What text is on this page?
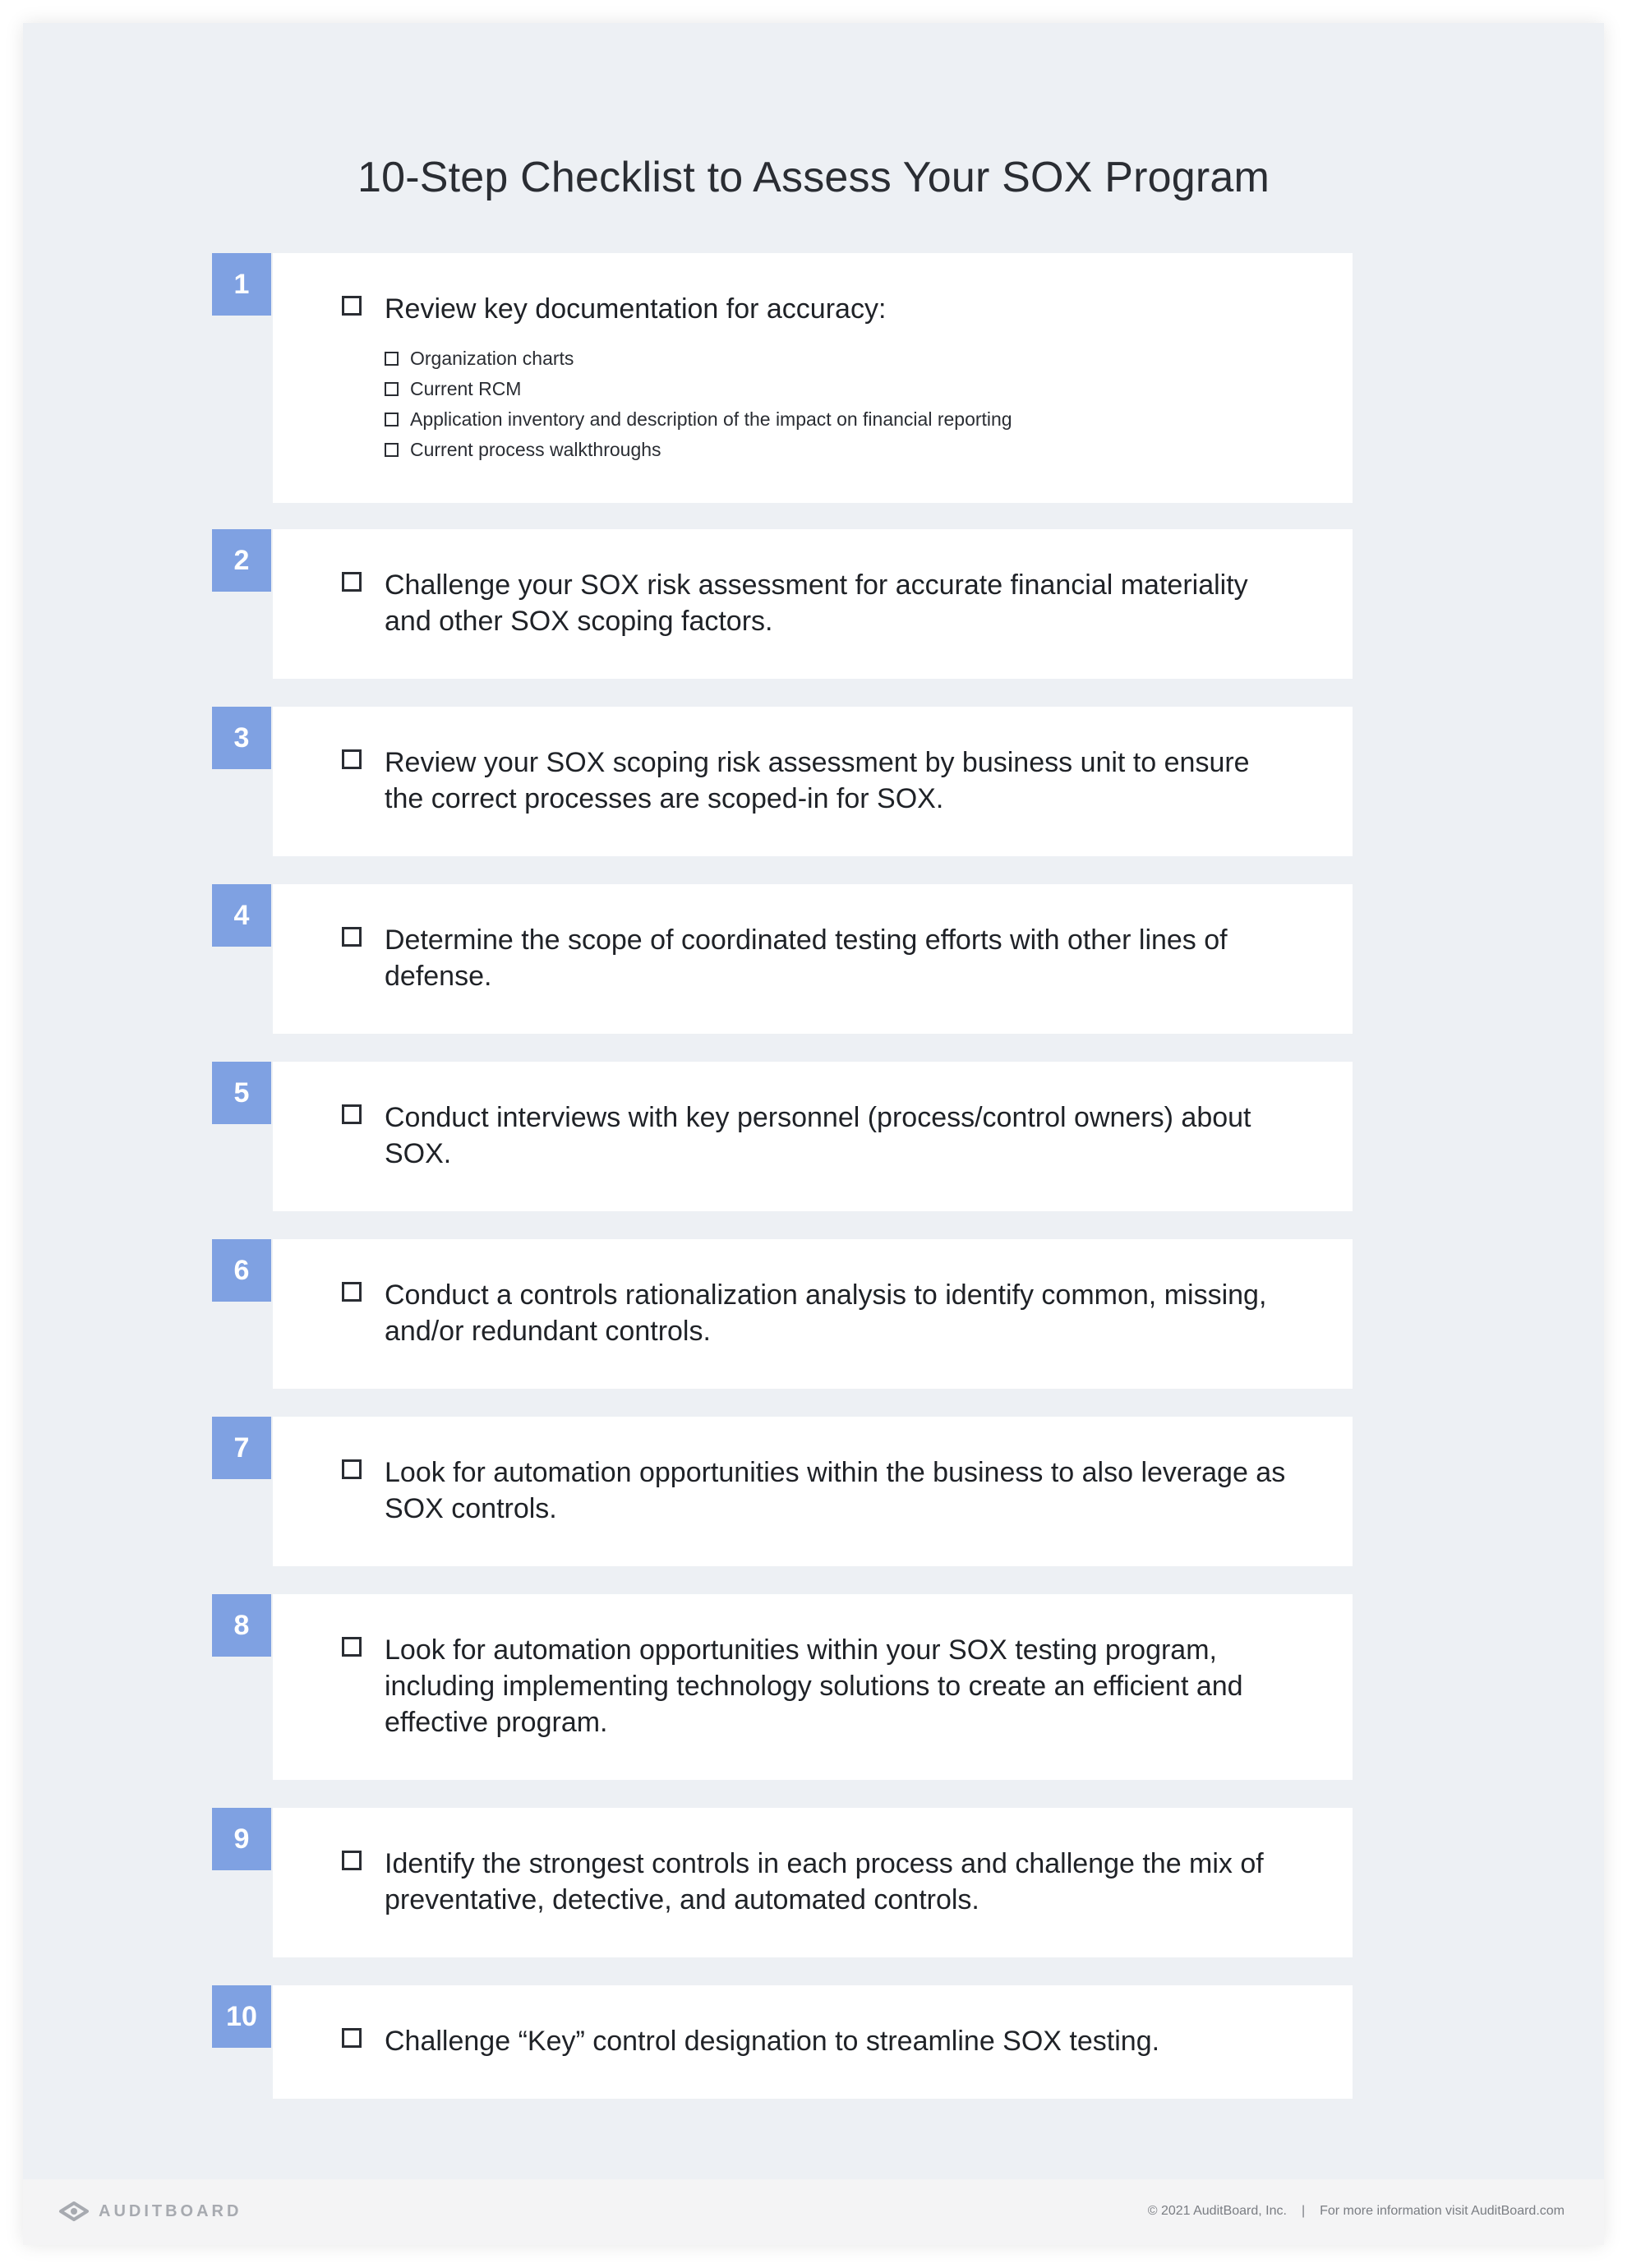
10-Step Checklist to Assess Your SOX Program
1
Review key documentation for accuracy:
Organization charts
Current RCM
Application inventory and description of the impact on financial reporting
Current process walkthroughs
2
Challenge your SOX risk assessment for accurate financial materiality and other SOX scoping factors.
3
Review your SOX scoping risk assessment by business unit to ensure the correct processes are scoped-in for SOX.
4
Determine the scope of coordinated testing efforts with other lines of defense.
5
Conduct interviews with key personnel (process/control owners) about SOX.
6
Conduct a controls rationalization analysis to identify common, missing, and/or redundant controls.
7
Look for automation opportunities within the business to also leverage as SOX controls.
8
Look for automation opportunities within your SOX testing program, including implementing technology solutions to create an efficient and effective program.
9
Identify the strongest controls in each process and challenge the mix of preventative, detective, and automated controls.
10
Challenge “Key” control designation to streamline SOX testing.
AUDITBOARD	© 2021 AuditBoard, Inc. | For more information visit AuditBoard.com
